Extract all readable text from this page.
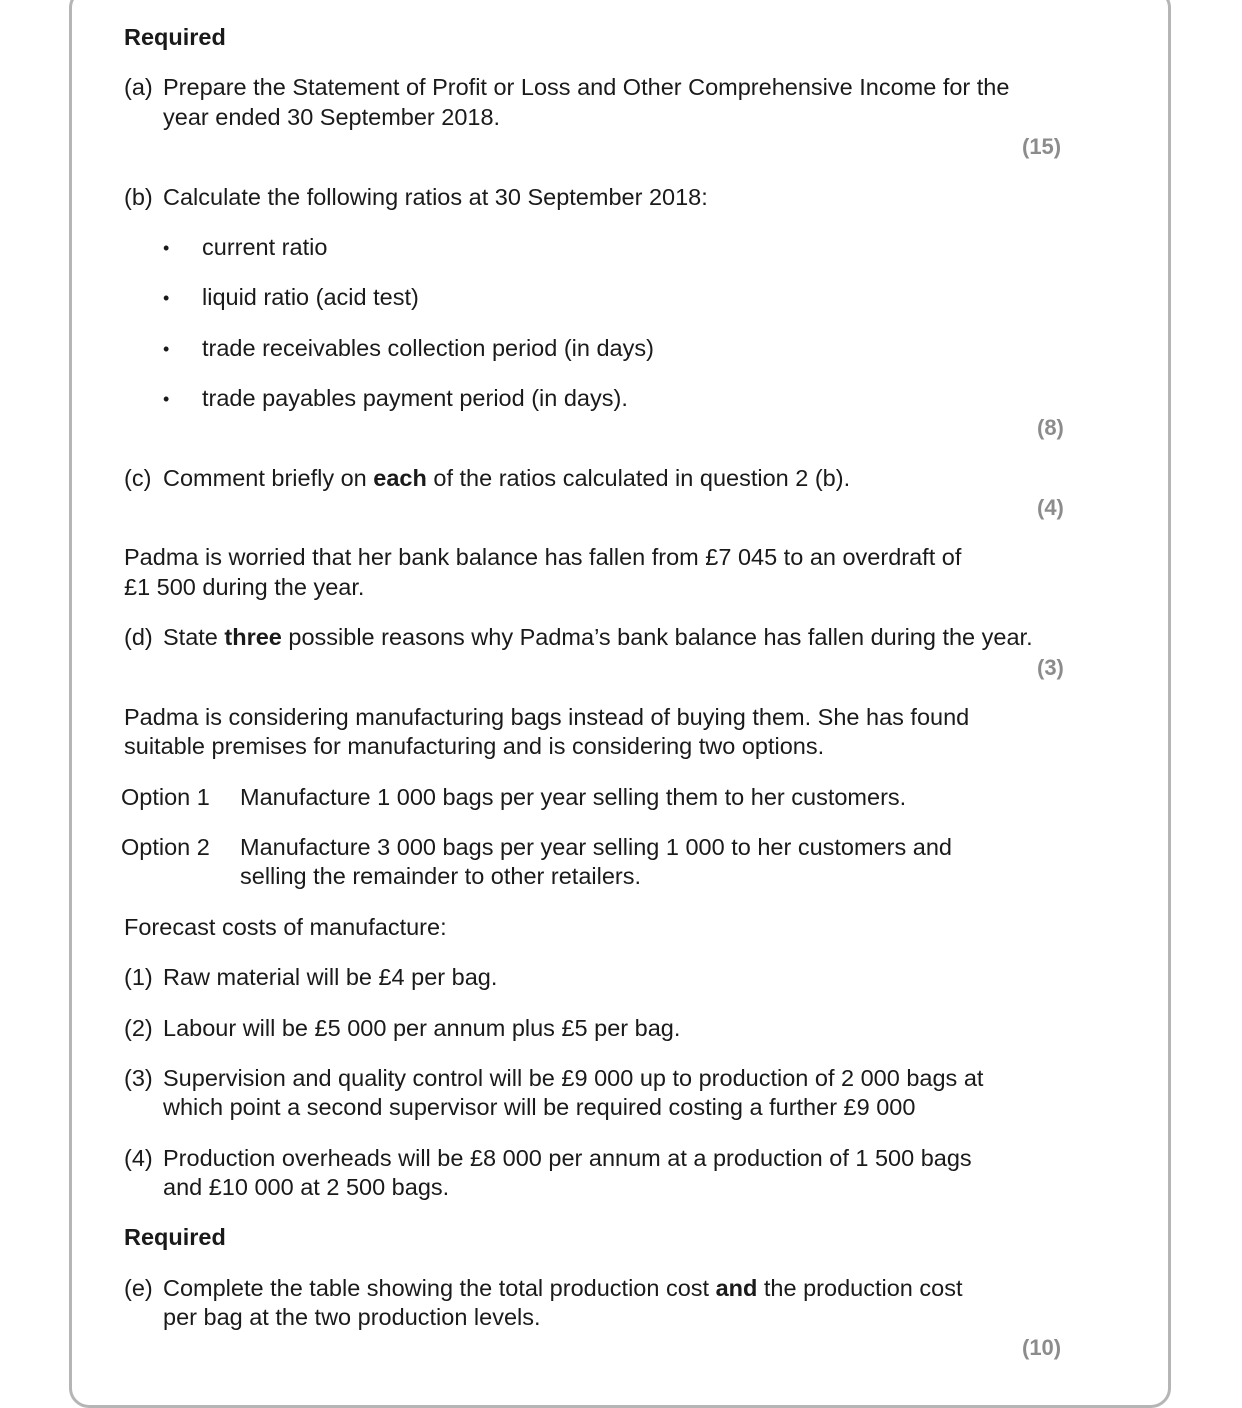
Required
(a) Prepare the Statement of Profit or Loss and Other Comprehensive Income for the
year ended 30 September 2018.
(15)
(b) Calculate the following ratios at 30 September 2018:
• current ratio
• liquid ratio (acid test)
• trade receivables collection period (in days)
• trade payables payment period (in days).
(8)
(c) Comment briefly on each of the ratios calculated in question 2 (b).
(4)
Padma is worried that her bank balance has fallen from £7 045 to an overdraft of
£1 500 during the year.
(d) State three possible reasons why Padma’s bank balance has fallen during the year.
(3)
Padma is considering manufacturing bags instead of buying them. She has found
suitable premises for manufacturing and is considering two options.
Option 1 Manufacture 1 000 bags per year selling them to her customers.
Option 2 Manufacture 3 000 bags per year selling 1 000 to her customers and
selling the remainder to other retailers.
Forecast costs of manufacture:
(1) Raw material will be £4 per bag.
(2) Labour will be £5 000 per annum plus £5 per bag.
(3) Supervision and quality control will be £9 000 up to production of 2 000 bags at
which point a second supervisor will be required costing a further £9 000
(4) Production overheads will be £8 000 per annum at a production of 1 500 bags
and £10 000 at 2 500 bags.
Required
(e) Complete the table showing the total production cost and the production cost
per bag at the two production levels.
(10)
